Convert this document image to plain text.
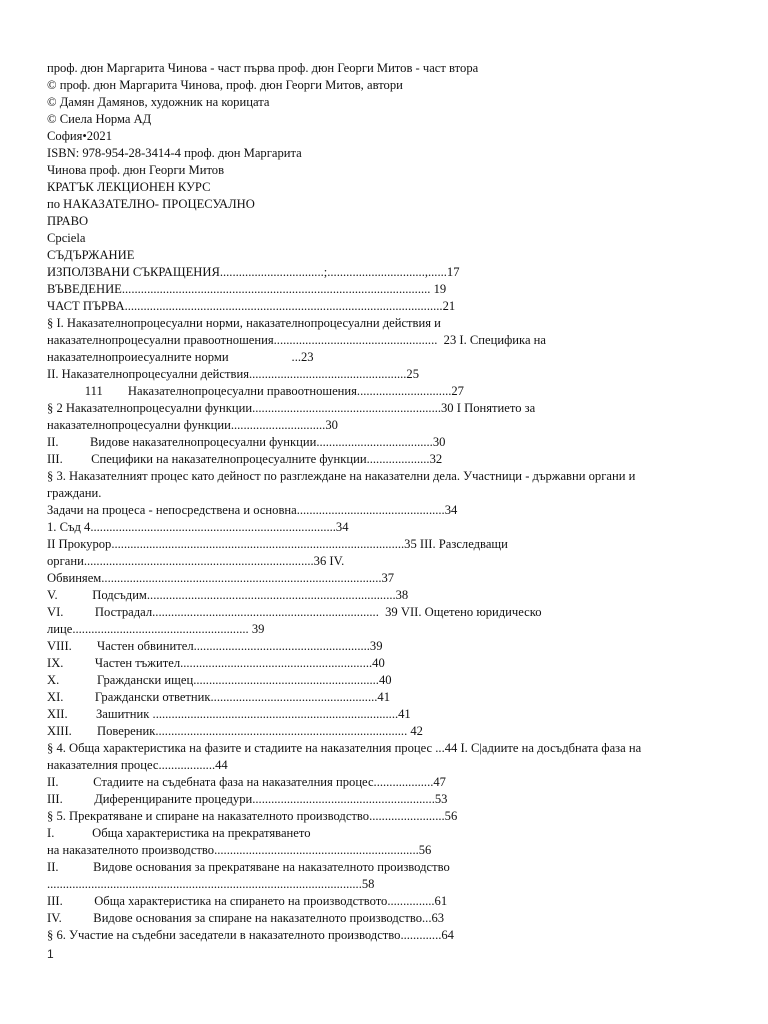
проф. дюн Маргарита Чинова - част първа проф. дюн Георги Митов - част втора
© проф. дюн Маргарита Чинова, проф. дюн Георги Митов, автори
© Дамян Дамянов, художник на корицата
© Сиела Норма АД
София•2021
ISBN: 978-954-28-3414-4 проф. дюн Маргарита
Чинова проф. дюн Георги Митов
КРАТЪК ЛЕКЦИОНЕН КУРС
по НАКАЗАТЕЛНО- ПРОЦЕСУАЛНО
ПРАВО
Cpciela
СЪДЪРЖАНИЕ
ИЗПОЛЗВАНИ СЪКРАЩЕНИЯ.................................;...............................,......17
ВЪВЕДЕНИЕ.................................................................................................. 19
ЧАСТ ПЪРВА.....................................................................................................21
§ I. Наказателнопроцесуални норми, наказателнопроцесуални действия и
наказателнопроцесуални правоотношения....................................................  23 I. Специфика на
наказателнопроиесуалните норми                    ...23
II. Наказателнопроцесуални действия..................................................25
111        Наказателнопроцесуални правоотношения..............................27
§ 2 Наказателнопроцесуални функции............................................................30 I Понятието за
наказателнопроцесуални функции..............................30
II.          Видове наказателнопроцесуални функции.....................................30
III.         Специфики на наказателнопроцесуалните функции....................32
§ 3. Наказателният процес като дейност по разглеждане на наказателни дела. Участници - държавни органи и
граждани.
Задачи на процеса - непосредствена и основна...............................................34
1. Съд 4..............................................................................34
II Прокурор.............................................................................................35 III. Разследващи
органи.........................................................................36 IV.
Обвиняем.........................................................................................37
V.           Подсъдим...............................................................................38
VI.          Пострадал........................................................................  39 VII. Ощетено юридическо
лице........................................................ 39
VIII.        Частен обвинител........................................................39
IX.          Частен тъжител.............................................................40
X.            Граждански ищец...........................................................40
XI.          Граждански ответник.....................................................41
XII.         Зашитник ..............................................................................41
XIII.        Повереник................................................................................ 42
§ 4. Обща характеристика на фазите и стадиите на наказателния процес ...44 I. С|адиите на досъдбната фаза на
наказателния процес..................44
II.           Стадиите на съдебната фаза на наказателния процес...................47
III.          Диференцираните процедури..........................................................53
§ 5. Прекратяване и спиране на наказателното производство........................56
I.            Обща характеристика на прекратяването
на наказателното производство.................................................................56
II.           Видове основания за прекратяване на наказателното производство
....................................................................................................58
III.          Обща характеристика на спирането на производството...............61
IV.          Видове основания за спиране на наказателното производство...63
§ 6. Участие на съдебни заседатели в наказателното производство.............64
1
